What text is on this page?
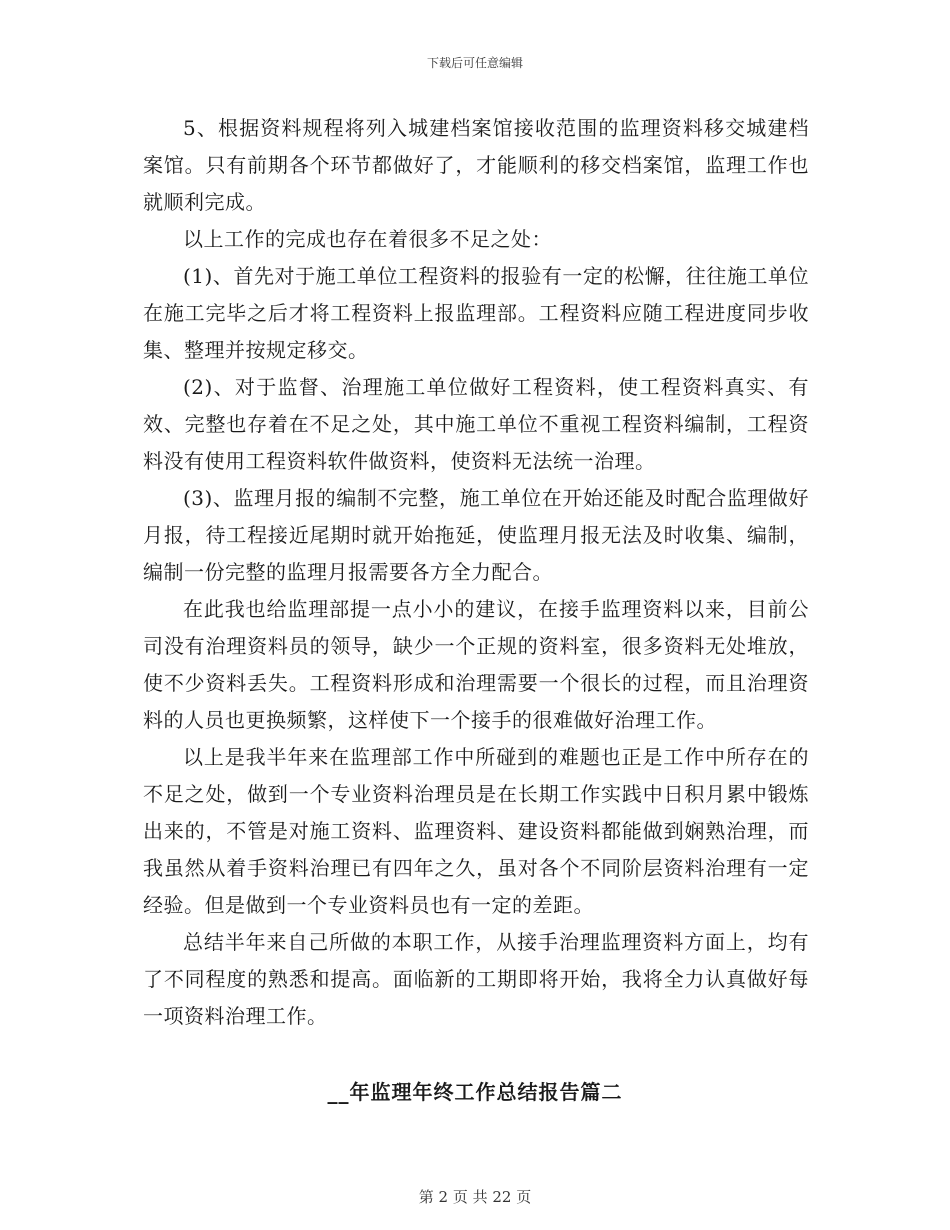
下载后可任意编辑

5、根据资料规程将列入城建档案馆接收范围的监理资料移交城建档案馆。只有前期各个环节都做好了，才能顺利的移交档案馆，监理工作也就顺利完成。

以上工作的完成也存在着很多不足之处：

(1)、首先对于施工单位工程资料的报验有一定的松懈，往往施工单位在施工完毕之后才将工程资料上报监理部。工程资料应随工程进度同步收集、整理并按规定移交。

(2)、对于监督、治理施工单位做好工程资料，使工程资料真实、有效、完整也存着在不足之处，其中施工单位不重视工程资料编制，工程资料没有使用工程资料软件做资料，使资料无法统一治理。

(3)、监理月报的编制不完整，施工单位在开始还能及时配合监理做好月报，待工程接近尾期时就开始拖延，使监理月报无法及时收集、编制，编制一份完整的监理月报需要各方全力配合。

在此我也给监理部提一点小小的建议，在接手监理资料以来，目前公司没有治理资料员的领导，缺少一个正规的资料室，很多资料无处堆放，使不少资料丢失。工程资料形成和治理需要一个很长的过程，而且治理资料的人员也更换频繁，这样使下一个接手的很难做好治理工作。

以上是我半年来在监理部工作中所碰到的难题也正是工作中所存在的不足之处，做到一个专业资料治理员是在长期工作实践中日积月累中锻炼出来的，不管是对施工资料、监理资料、建设资料都能做到娴熟治理，而我虽然从着手资料治理已有四年之久，虽对各个不同阶层资料治理有一定经验。但是做到一个专业资料员也有一定的差距。

总结半年来自己所做的本职工作，从接手治理监理资料方面上，均有了不同程度的熟悉和提高。面临新的工期即将开始，我将全力认真做好每一项资料治理工作。

__年监理年终工作总结报告篇二
第 2 页 共 22 页
